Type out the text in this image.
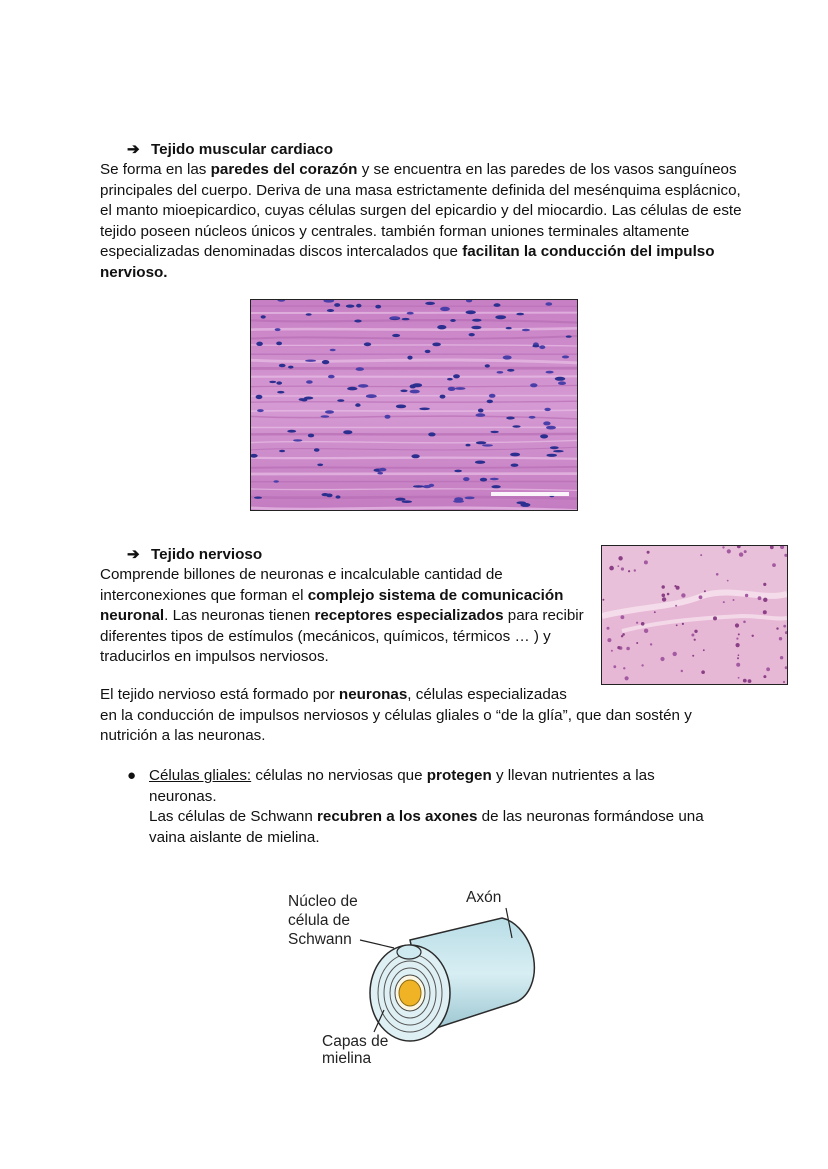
➔ Tejido muscular cardiaco

Se forma en las paredes del corazón y se encuentra en las paredes de los vasos sanguíneos principales del cuerpo. Deriva de una masa estrictamente definida del mesénquima esplácnico, el manto mioepicardico, cuyas células surgen del epicardio y del miocardio. Las células de este tejido poseen núcleos únicos y centrales. también forman uniones terminales altamente especializadas denominadas discos intercalados que facilitan la conducción del impulso nervioso.

➔ Tejido nervioso

Comprende billones de neuronas e incalculable cantidad de interconexiones que forman el complejo sistema de comunicación neuronal. Las neuronas tienen receptores especializados para recibir diferentes tipos de estímulos (mecánicos, químicos, térmicos … ) y traducirlos en impulsos nerviosos.

El tejido nervioso está formado por neuronas, células especializadas
en la conducción de impulsos nerviosos y células gliales o “de la glía”, que dan sostén y nutrición a las neuronas.

● Células gliales: células no nerviosas que protegen y llevan nutrientes a las neuronas.

Las células de Schwann recubren a los axones de las neuronas formándose una vaina aislante de mielina.

Núcleo de
célula de
Schwann
Axón
Capas de
mielina
